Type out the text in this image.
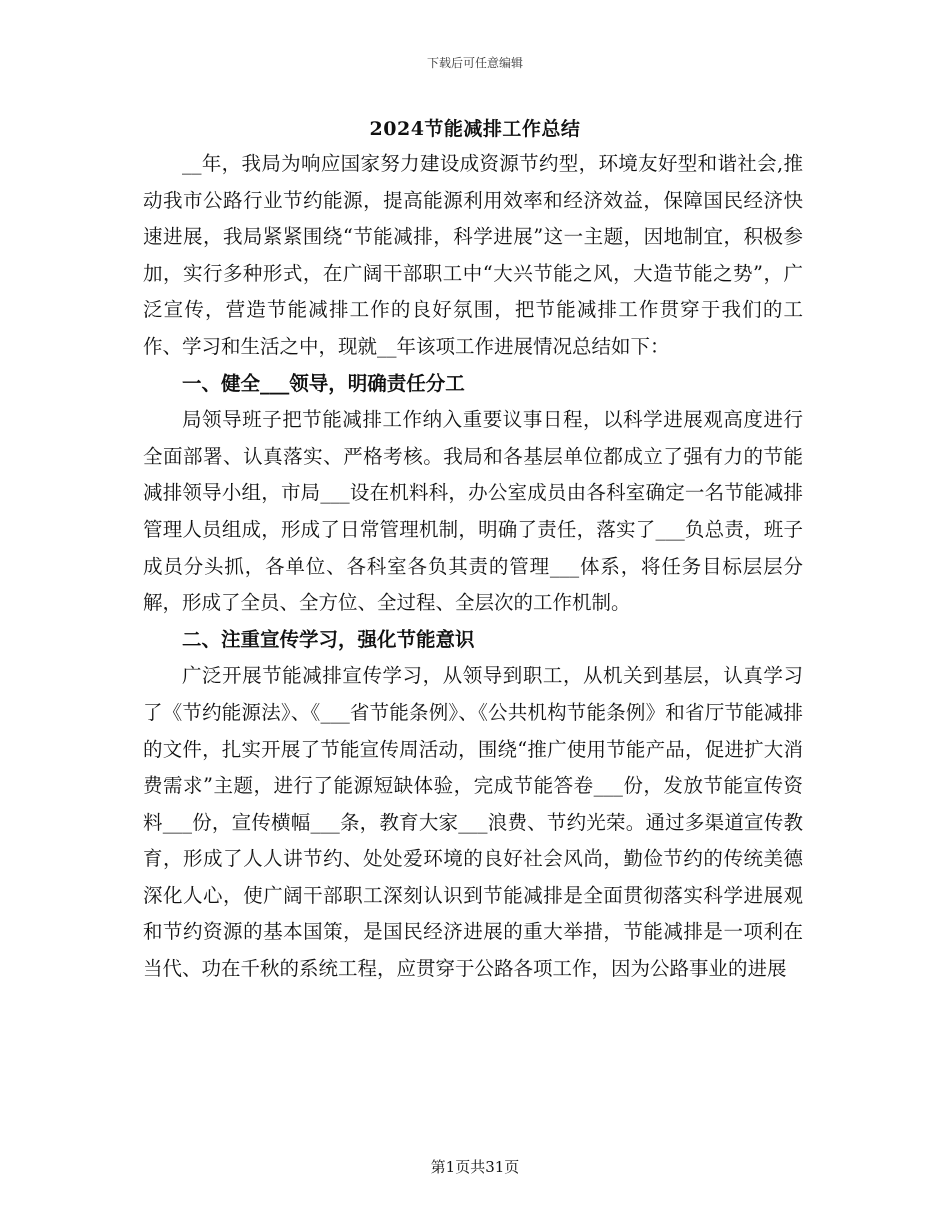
下载后可任意编辑
2024节能减排工作总结

__年，我局为响应国家努力建设成资源节约型，环境友好型和谐社会,推动我市公路行业节约能源，提高能源利用效率和经济效益，保障国民经济快速进展，我局紧紧围绕“节能减排，科学进展”这一主题，因地制宜，积极参加，实行多种形式，在广阔干部职工中“大兴节能之风，大造节能之势”，广泛宣传，营造节能减排工作的良好氛围，把节能减排工作贯穿于我们的工作、学习和生活之中，现就__年该项工作进展情况总结如下：

一、健全___领导，明确责任分工

局领导班子把节能减排工作纳入重要议事日程，以科学进展观高度进行全面部署、认真落实、严格考核。我局和各基层单位都成立了强有力的节能减排领导小组，市局___设在机料科，办公室成员由各科室确定一名节能减排管理人员组成，形成了日常管理机制，明确了责任，落实了___负总责，班子成员分头抓，各单位、各科室各负其责的管理___体系，将任务目标层层分解，形成了全员、全方位、全过程、全层次的工作机制。

二、注重宣传学习，强化节能意识

广泛开展节能减排宣传学习，从领导到职工，从机关到基层，认真学习了《节约能源法》、《___省节能条例》、《公共机构节能条例》和省厅节能减排的文件，扎实开展了节能宣传周活动，围绕“推广使用节能产品，促进扩大消费需求”主题，进行了能源短缺体验，完成节能答卷___份，发放节能宣传资料___份，宣传横幅___条，教育大家___浪费、节约光荣。通过多渠道宣传教育，形成了人人讲节约、处处爱环境的良好社会风尚，勤俭节约的传统美德深化人心，使广阔干部职工深刻认识到节能减排是全面贯彻落实科学进展观和节约资源的基本国策，是国民经济进展的重大举措，节能减排是一项利在当代、功在千秋的系统工程，应贯穿于公路各项工作，因为公路事业的进展

第1页共31页
